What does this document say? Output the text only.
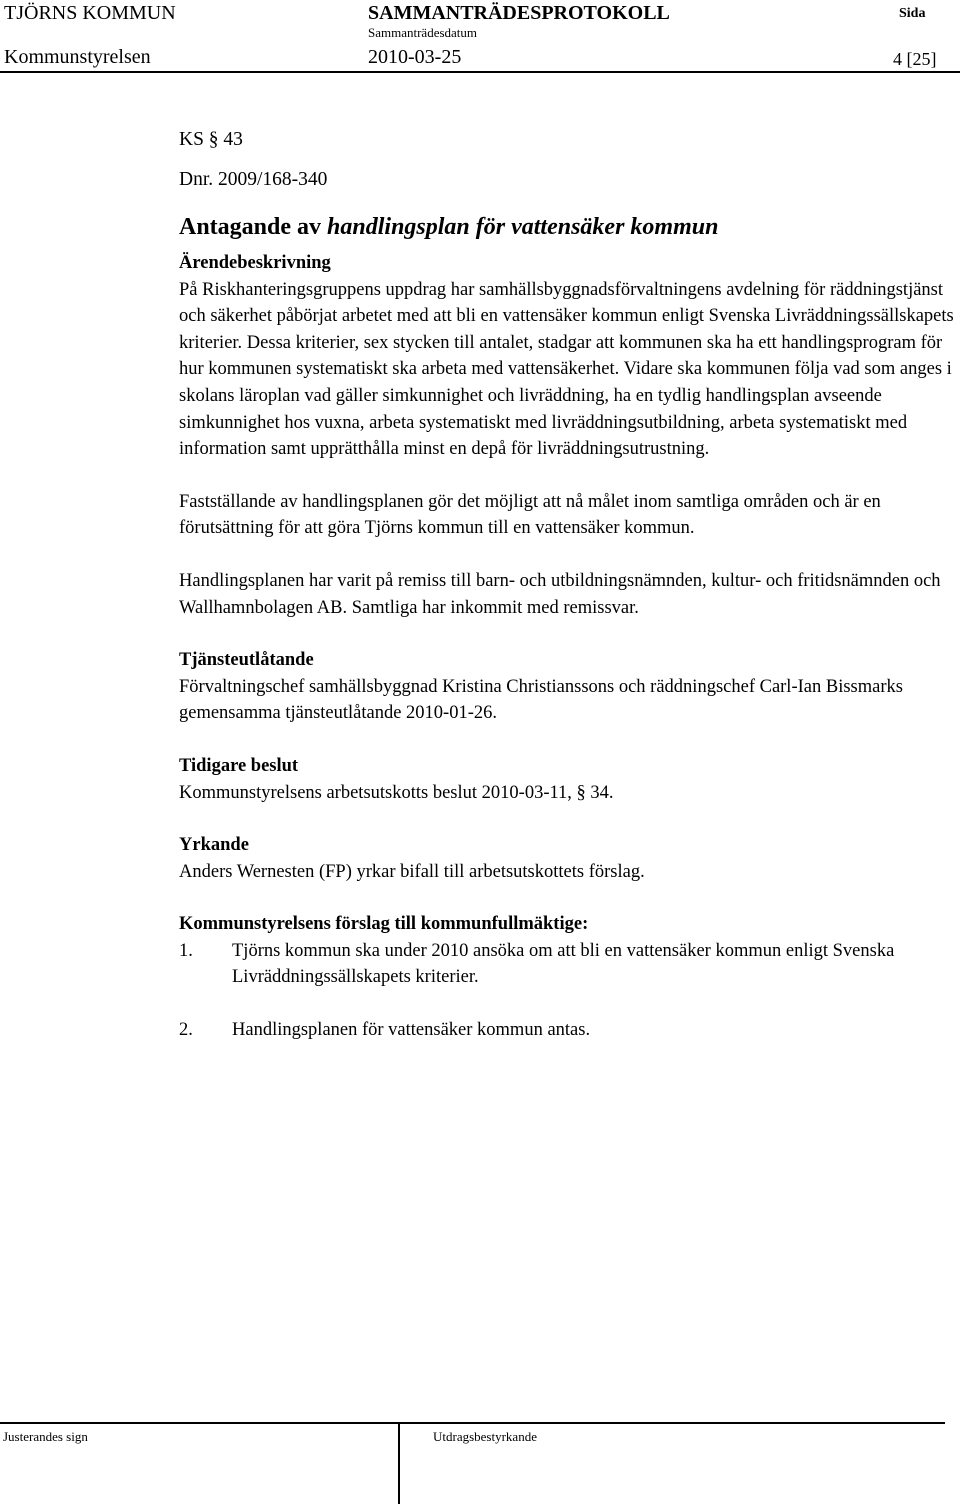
TJÖRNS KOMMUN	SAMMANTRÄDESPROTOKOLL	Sida
Sammanträdesdatum
Kommunstyrelsen	2010-03-25	4 [25]

KS § 43

Dnr. 2009/168-340

Antagande av handlingsplan för vattensäker kommun

Ärendebeskrivning

På Riskhanteringsgruppens uppdrag har samhällsbyggnadsförvaltningens avdelning för räddningstjänst och säkerhet påbörjat arbetet med att bli en vattensäker kommun enligt Svenska Livräddningssällskapets kriterier. Dessa kriterier, sex stycken till antalet, stadgar att kommunen ska ha ett handlingsprogram för hur kommunen systematiskt ska arbeta med vattensäkerhet. Vidare ska kommunen följa vad som anges i skolans läroplan vad gäller simkunnighet och livräddning, ha en tydlig handlingsplan avseende simkunnighet hos vuxna, arbeta systematiskt med livräddningsutbildning, arbeta systematiskt med information samt upprätthålla minst en depå för livräddningsutrustning.

Fastställande av handlingsplanen gör det möjligt att nå målet inom samtliga områden och är en förutsättning för att göra Tjörns kommun till en vattensäker kommun.

Handlingsplanen har varit på remiss till barn- och utbildningsnämnden, kultur- och fritidsnämnden och Wallhamnbolagen AB. Samtliga har inkommit med remissvar.

Tjänsteutlåtande

Förvaltningschef samhällsbyggnad Kristina Christianssons och räddningschef Carl-Ian Bissmarks gemensamma tjänsteutlåtande 2010-01-26.

Tidigare beslut

Kommunstyrelsens arbetsutskotts beslut 2010-03-11, § 34.

Yrkande

Anders Wernesten (FP) yrkar bifall till arbetsutskottets förslag.

Kommunstyrelsens förslag till kommunfullmäktige:

1.	Tjörns kommun ska under 2010 ansöka om att bli en vattensäker kommun enligt Svenska Livräddningssällskapets kriterier.
2.	Handlingsplanen för vattensäker kommun antas.
Justerandes sign	Utdragsbestyrkande
